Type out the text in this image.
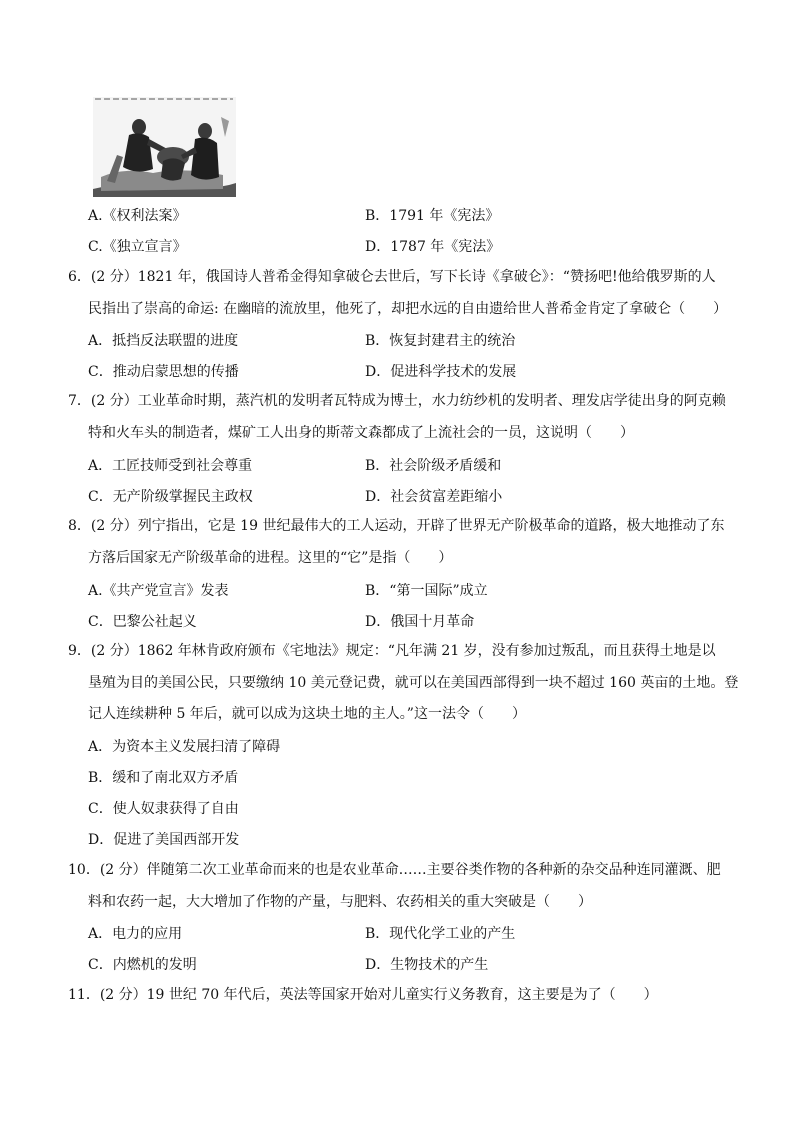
A.《权利法案》	B．1791 年《宪法》
C.《独立宣言》	D．1787 年《宪法》
6．(2 分）1821 年，俄国诗人普希金得知拿破仑去世后，写下长诗《拿破仑》：“赞扬吧!他给俄罗斯的人
民指出了崇高的命运: 在幽暗的流放里，他死了，却把水远的自由遗给世人普希金肯定了拿破仑（　　）
A．抵挡反法联盟的进度	B．恢复封建君主的统治
C．推动启蒙思想的传播	D．促进科学技术的发展
7．(2 分）工业革命时期，蒸汽机的发明者瓦特成为博士，水力纺纱机的发明者、理发店学徒出身的阿克赖
特和火车头的制造者，煤矿工人出身的斯蒂文森都成了上流社会的一员，这说明（　　）
A．工匠技师受到社会尊重	B．社会阶级矛盾缓和
C．无产阶级掌握民主政权	D．社会贫富差距缩小
8．(2 分）列宁指出，它是 19 世纪最伟大的工人运动，开辟了世界无产阶极革命的道路，极大地推动了东
方落后国家无产阶级革命的进程。这里的“它”是指（　　）
A.《共产党宣言》发表	B．“第一国际”成立
C．巴黎公社起义	D．俄国十月革命
9．(2 分）1862 年林肯政府颁布《宅地法》规定：“凡年满 21 岁，没有参加过叛乱，而且获得土地是以
垦殖为目的美国公民，只要缴纳 10 美元登记费，就可以在美国西部得到一块不超过 160 英亩的土地。登
记人连续耕种 5 年后，就可以成为这块土地的主人。”这一法令（　　）
A．为资本主义发展扫清了障碍
B．缓和了南北双方矛盾
C．使人奴隶获得了自由
D．促进了美国西部开发
10．(2 分）伴随第二次工业革命而来的也是农业革命……主要谷类作物的各种新的杂交品种连同灌溉、肥
料和农药一起，大大增加了作物的产量，与肥料、农药相关的重大突破是（　　）
A．电力的应用	B．现代化学工业的产生
C．内燃机的发明	D．生物技术的产生
11．(2 分）19 世纪 70 年代后，英法等国家开始对儿童实行义务教育，这主要是为了（　　）
